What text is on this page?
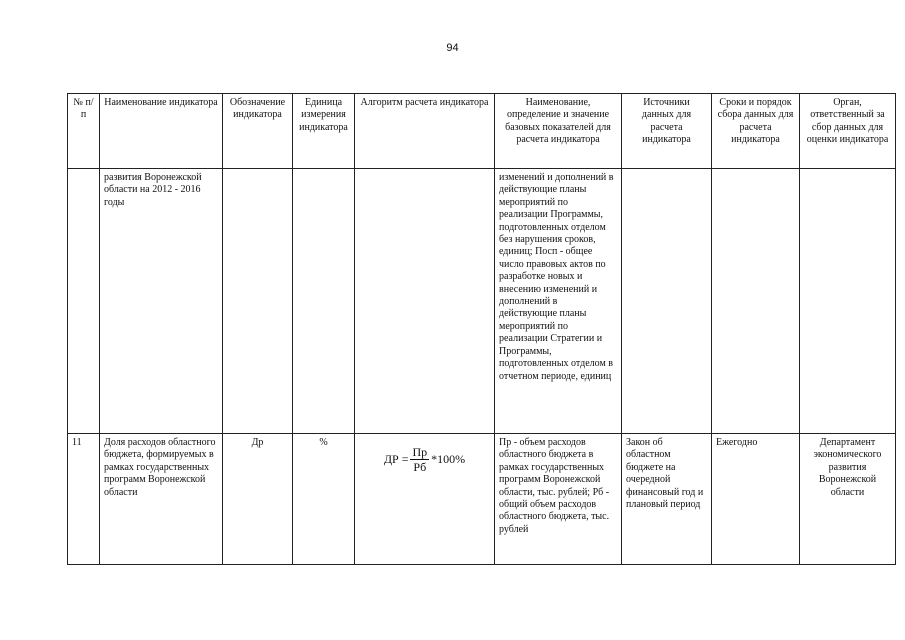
94
№ п/п	Наименование индикатора	Обозначение индикатора	Единица измерения индикатора	Алгоритм расчета индикатора	Наименование, определение и значение базовых показателей для расчета индикатора	Источники данных для расчета индикатора	Сроки и порядок сбора данных для расчета индикатора	Орган, ответственный за сбор данных для оценки индикатора
	развития Воронежской области на 2012 - 2016 годы				изменений и дополнений в действующие планы мероприятий по реализации Программы, подготовленных отделом без нарушения сроков, единиц; Посп - общее число правовых актов по разработке новых и внесению изменений и дополнений в действующие планы мероприятий по реализации Стратегии и Программы, подготовленных отделом в отчетном периоде, единиц			
11	Доля расходов областного бюджета, формируемых в рамках государственных программ Воронежской области	Др	%	ДР = $\frac{Пр}{Рб} *100\%$	Пр - объем расходов областного бюджета в рамках государственных программ Воронежской области, тыс. рублей; Рб - общий объем расходов областного бюджета, тыс. рублей	Закон об областном бюджете на очередной финансовый год и плановый период	Ежегодно	Департамент экономического развития Воронежской области
